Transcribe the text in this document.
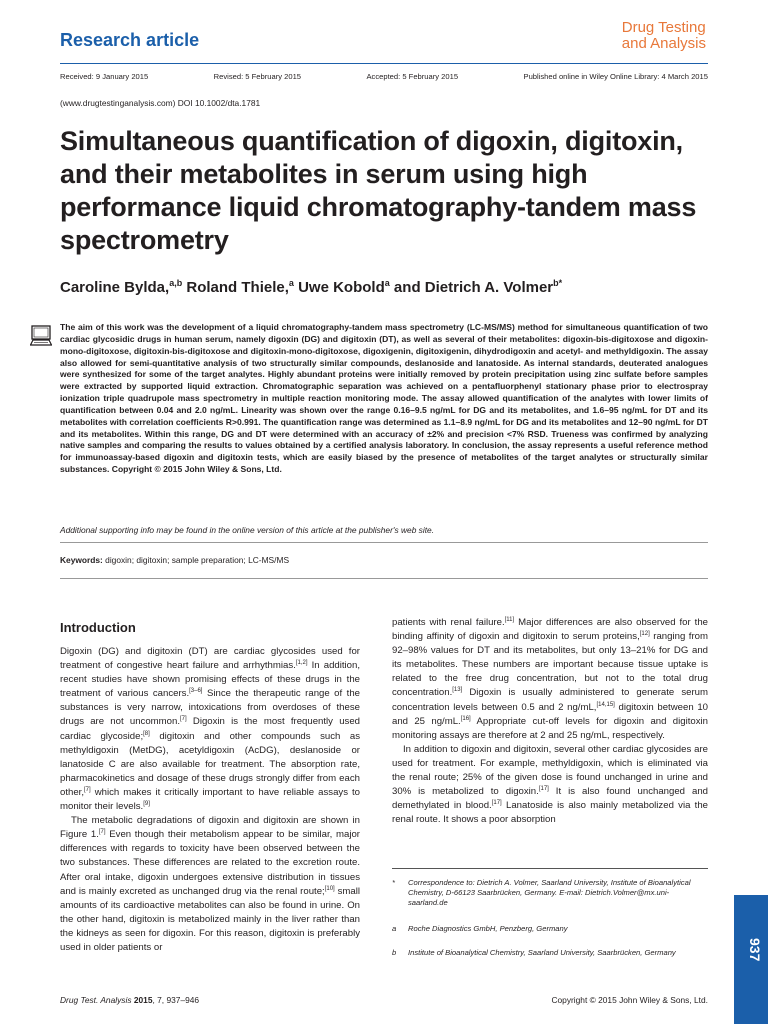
Research article
Drug Testing
and Analysis
Received: 9 January 2015	Revised: 5 February 2015	Accepted: 5 February 2015	Published online in Wiley Online Library: 4 March 2015
(www.drugtestinganalysis.com) DOI 10.1002/dta.1781
Simultaneous quantification of digoxin, digitoxin, and their metabolites in serum using high performance liquid chromatography-tandem mass spectrometry
Caroline Bylda,$^{a,b}$ Roland Thiele,$^a$ Uwe Kobold$^a$ and Dietrich A. Volmer$^{b*}$

The aim of this work was the development of a liquid chromatography-tandem mass spectrometry (LC-MS/MS) method for simultaneous quantification of two cardiac glycosidic drugs in human serum, namely digoxin (DG) and digitoxin (DT), as well as several of their metabolites: digoxin-bis-digitoxose and digoxin-mono-digitoxose, digitoxin-bis-digitoxose and digitoxin-mono-digitoxose, digoxigenin, digitoxigenin, dihydrodigoxin and acetyl- and methyldigoxin. The assay also allowed for semi-quantitative analysis of two structurally similar compounds, deslanoside and lanatoside. As internal standards, deuterated analogues were synthesized for some of the target analytes. Highly abundant proteins were initially removed by protein precipitation using zinc sulfate before samples were extracted by supported liquid extraction. Chromatographic separation was achieved on a pentafluorphenyl stationary phase prior to electrospray ionization triple quadrupole mass spectrometry in multiple reaction monitoring mode. The assay allowed quantification of the analytes with lower limits of quantification between 0.04 and 2.0 ng/mL. Linearity was shown over the range 0.16–9.5 ng/mL for DG and its metabolites, and 1.6–95 ng/mL for DT and its metabolites with correlation coefficients R>0.991. The quantification range was determined as 1.1–8.9 ng/mL for DG and its metabolites and 12–90 ng/mL for DT and its metabolites. Within this range, DG and DT were determined with an accuracy of ±2% and precision <7% RSD. Trueness was confirmed by analyzing native samples and comparing the results to values obtained by a certified analysis laboratory. In conclusion, the assay represents a useful reference method for immunoassay-based digoxin and digitoxin tests, which are easily biased by the presence of metabolites of the target analytes or structurally similar substances. Copyright © 2015 John Wiley & Sons, Ltd.

Additional supporting info may be found in the online version of this article at the publisher's web site.
Keywords: digoxin; digitoxin; sample preparation; LC-MS/MS
Introduction

Digoxin (DG) and digitoxin (DT) are cardiac glycosides used for treatment of congestive heart failure and arrhythmias.[1,2] In addition, recent studies have shown promising effects of these drugs in the treatment of various cancers.[3–6] Since the therapeutic range of the substances is very narrow, intoxications from overdoses of these drugs are not uncommon.[7] Digoxin is the most frequently used cardiac glycoside;[8] digitoxin and other compounds such as methyldigoxin (MetDG), acetyldigoxin (AcDG), deslanoside or lanatoside C are also available for treatment. The absorption rate, pharmacokinetics and dosage of these drugs strongly differ from each other,[7] which makes it critically important to have reliable assays to monitor their levels.[9]

The metabolic degradations of digoxin and digitoxin are shown in Figure 1.[7] Even though their metabolism appear to be similar, major differences with regards to toxicity have been observed between the two substances. These differences are related to the excretion route. After oral intake, digoxin undergoes extensive distribution in tissues and is mainly excreted as unchanged drug via the renal route;[10] small amounts of its cardioactive metabolites can also be found in urine. On the other hand, digitoxin is metabolized mainly in the liver rather than the kidneys as seen for digoxin. For this reason, digitoxin is preferably used in older patients or

patients with renal failure.[11] Major differences are also observed for the binding affinity of digoxin and digitoxin to serum proteins,[12] ranging from 92–98% values for DT and its metabolites, but only 13–21% for DG and its metabolites. These numbers are important because tissue uptake is related to the free drug concentration, but not to the total drug concentration.[13] Digoxin is usually administered to generate serum concentration levels between 0.5 and 2 ng/mL,[14,15] digitoxin between 10 and 25 ng/mL.[16] Appropriate cut-off levels for digoxin and digitoxin monitoring assays are therefore at 2 and 25 ng/mL, respectively.

In addition to digoxin and digitoxin, several other cardiac glycosides are used for treatment. For example, methyldigoxin, which is eliminated via the renal route; 25% of the given dose is found unchanged in urine and 30% is metabolized to digoxin.[17] It is also found unchanged and demethylated in blood.[17] Lanatoside is also mainly metabolized via the renal route. It shows a poor absorption

*	Correspondence to: Dietrich A. Volmer, Saarland University, Institute of Bioanalytical Chemistry, D-66123 Saarbrücken, Germany. E-mail: Dietrich.Volmer@mx.uni-saarland.de
a	Roche Diagnostics GmbH, Penzberg, Germany
b	Institute of Bioanalytical Chemistry, Saarland University, Saarbrücken, Germany
Drug Test. Analysis 2015, 7, 937–946	Copyright © 2015 John Wiley & Sons, Ltd.
937
